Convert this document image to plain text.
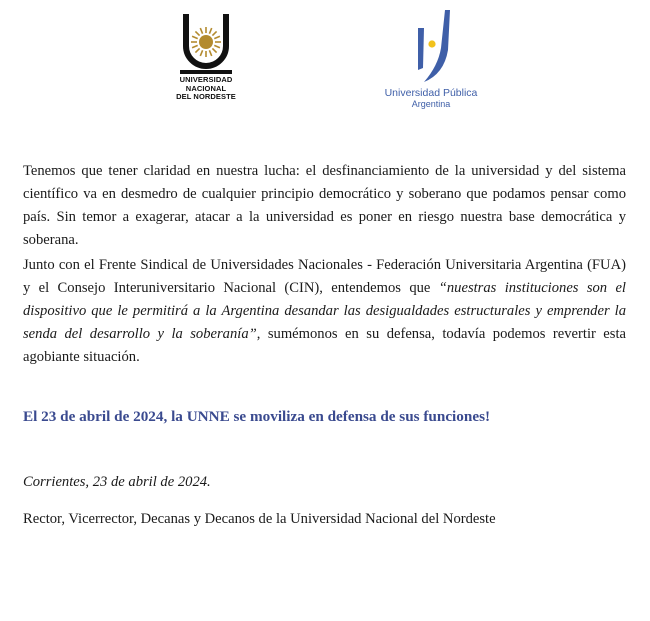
UNIVERSIDAD
NACIONAL
DEL NORDESTE	Universidad Pública
Argentina

Tenemos que tener claridad en nuestra lucha: el desfinanciamiento de la universidad y del sistema científico va en desmedro de cualquier principio democrático y soberano que podamos pensar como país. Sin temor a exagerar, atacar a la universidad es poner en riesgo nuestra base democrática y soberana.

Junto con el Frente Sindical de Universidades Nacionales - Federación Universitaria Argentina (FUA) y el Consejo Interuniversitario Nacional (CIN), entendemos que “nuestras instituciones son el dispositivo que le permitirá a la Argentina desandar las desigualdades estructurales y emprender la senda del desarrollo y la soberanía”, sumémonos en su defensa, todavía podemos revertir esta agobiante situación.

El 23 de abril de 2024, la UNNE se moviliza en defensa de sus funciones!

Corrientes, 23 de abril de 2024.

Rector, Vicerrector, Decanas y Decanos de la Universidad Nacional del Nordeste
